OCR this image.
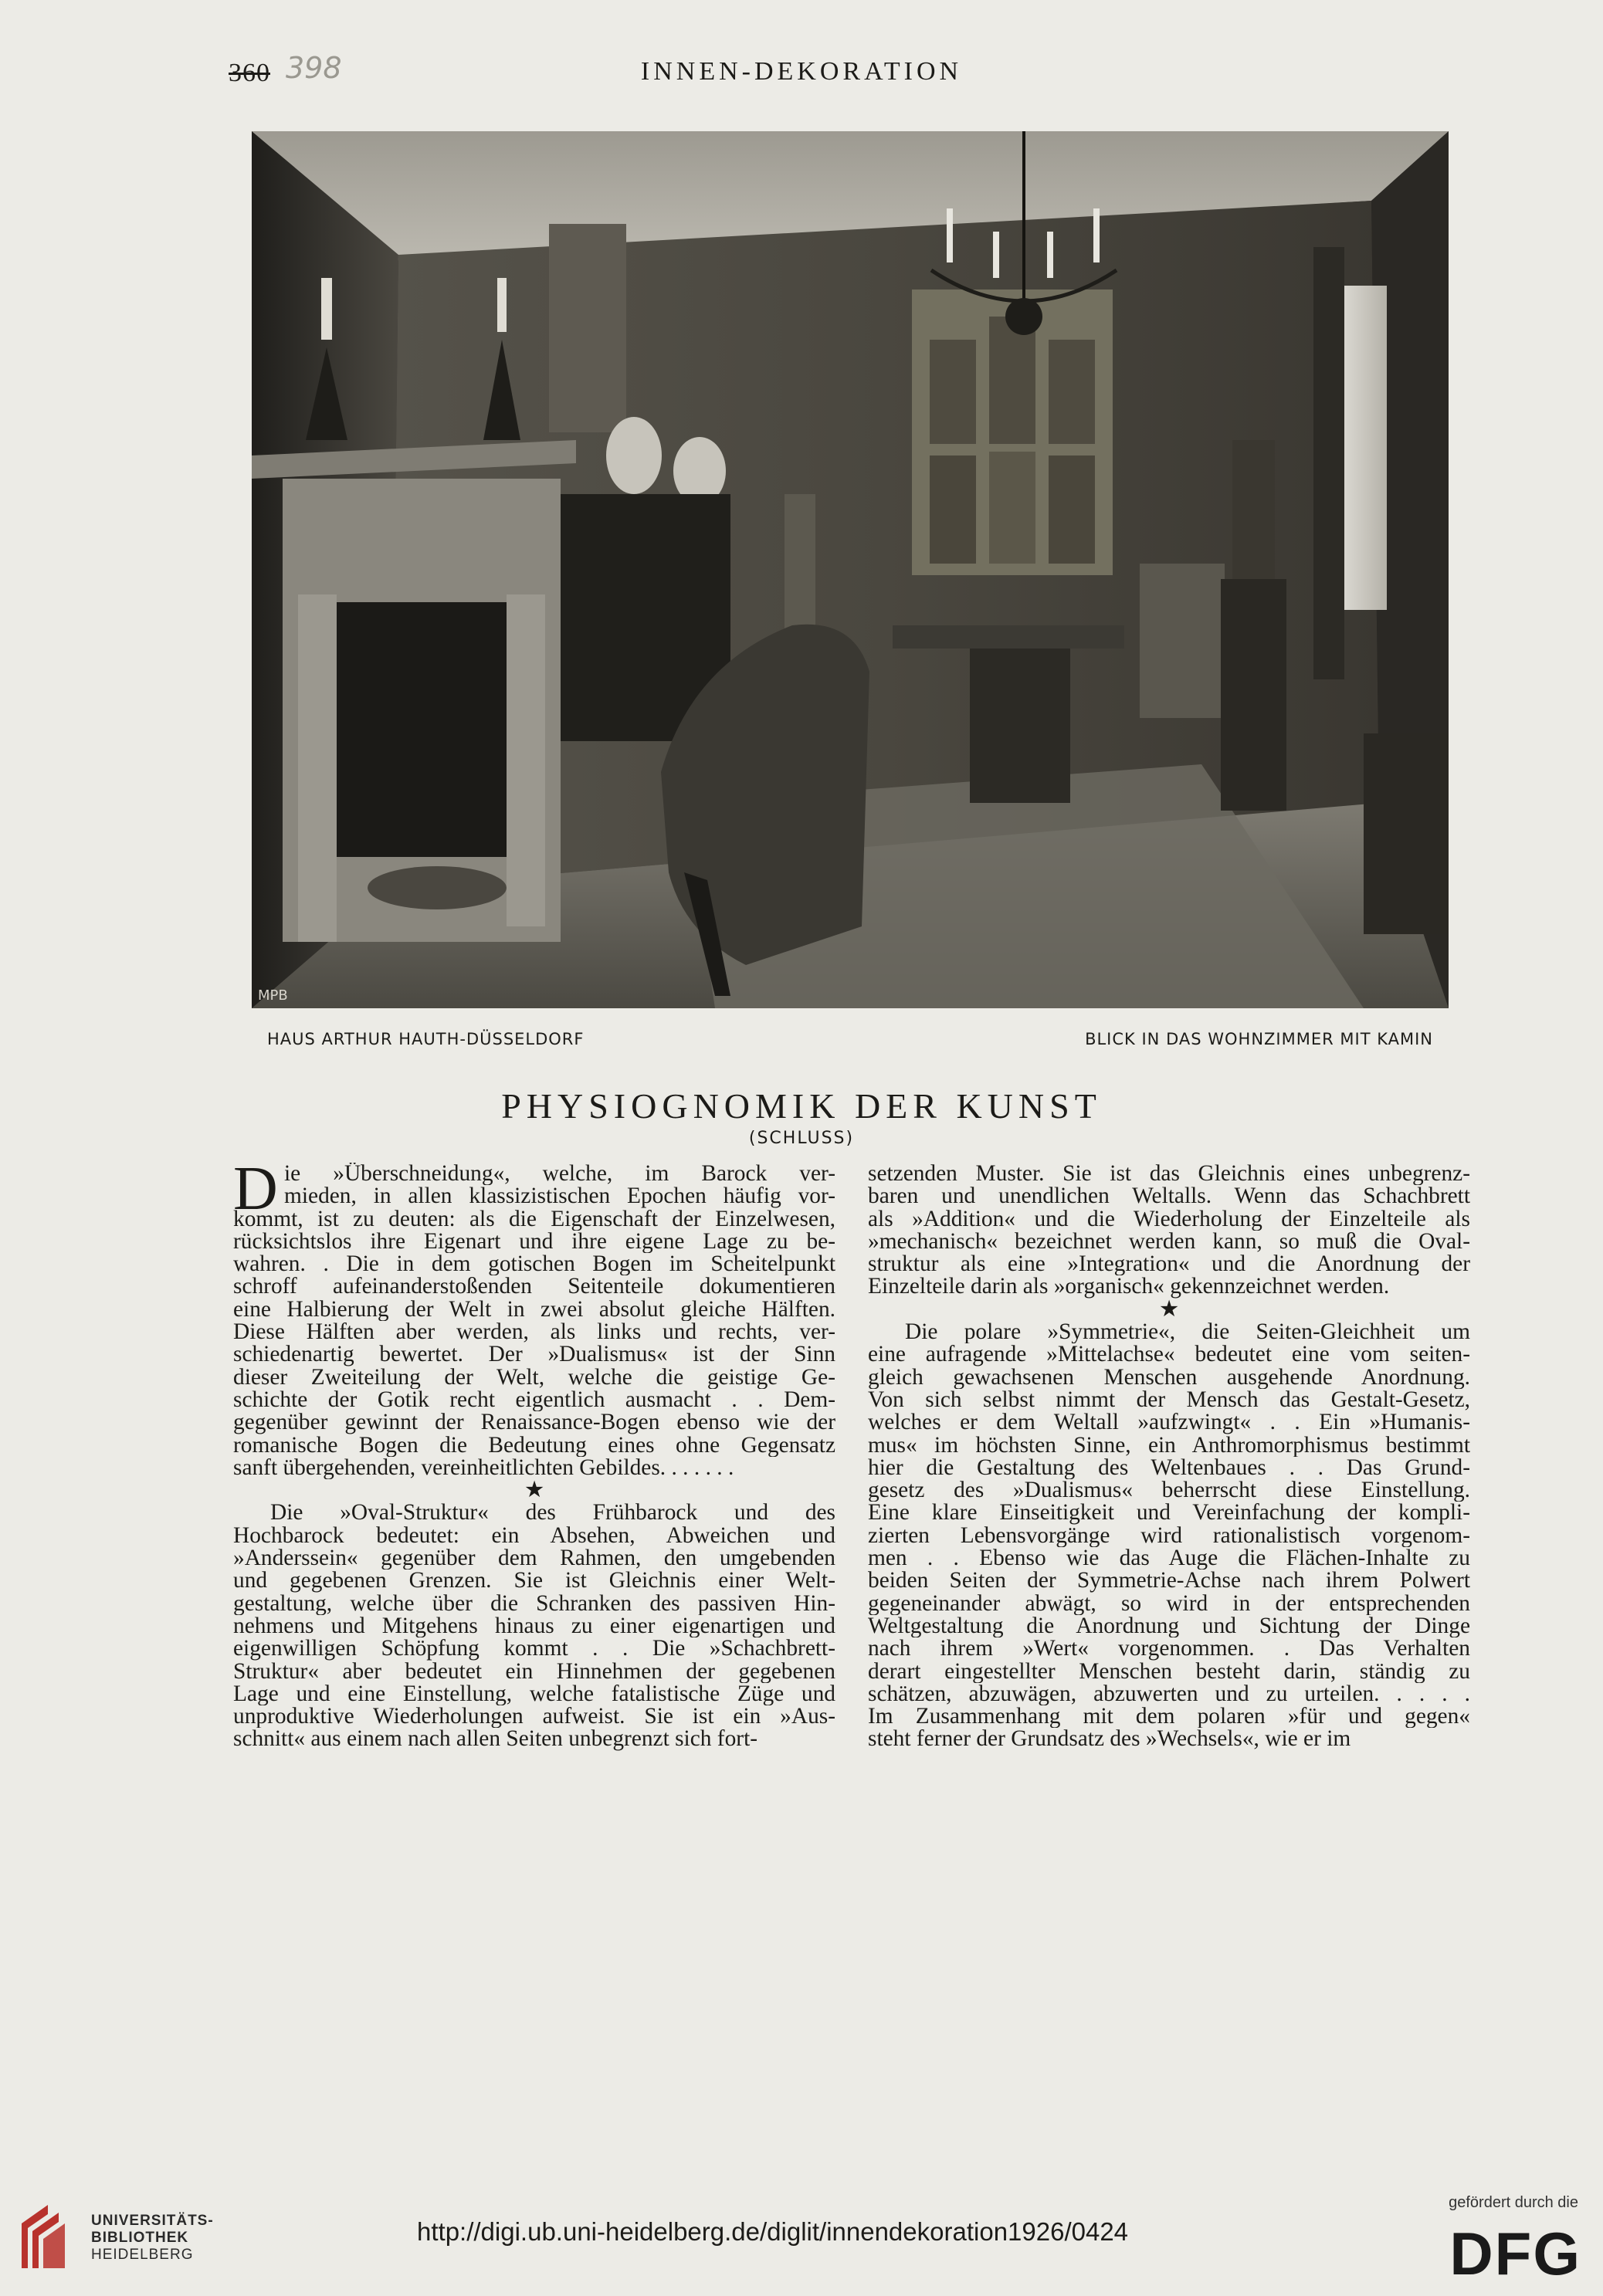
360 398	INNEN-DEKORATION
MPB
HAUS ARTHUR HAUTH-DÜSSELDORF	BLICK IN DAS WOHNZIMMER MIT KAMIN
PHYSIOGNOMIK DER KUNST
(SCHLUSS)
D ie »Überschneidung«, welche, im Barock ver-
mieden, in allen klassizistischen Epochen häufig vor-
kommt, ist zu deuten: als die Eigenschaft der Einzelwesen,
rücksichtslos ihre Eigenart und ihre eigene Lage zu be-
wahren. . Die in dem gotischen Bogen im Scheitelpunkt
schroff aufeinanderstoßenden Seitenteile dokumentieren
eine Halbierung der Welt in zwei absolut gleiche Hälften.
Diese Hälften aber werden, als links und rechts, ver-
schiedenartig bewertet. Der »Dualismus« ist der Sinn
dieser Zweiteilung der Welt, welche die geistige Ge-
schichte der Gotik recht eigentlich ausmacht . . Dem-
gegenüber gewinnt der Renaissance-Bogen ebenso wie der
romanische Bogen die Bedeutung eines ohne Gegensatz
sanft übergehenden, vereinheitlichten Gebildes. . . . . . .
★
Die »Oval-Struktur« des Frühbarock und des
Hochbarock bedeutet: ein Absehen, Abweichen und
»Anderssein« gegenüber dem Rahmen, den umgebenden
und gegebenen Grenzen. Sie ist Gleichnis einer Welt-
gestaltung, welche über die Schranken des passiven Hin-
nehmens und Mitgehens hinaus zu einer eigenartigen und
eigenwilligen Schöpfung kommt . . Die »Schachbrett-
Struktur« aber bedeutet ein Hinnehmen der gegebenen
Lage und eine Einstellung, welche fatalistische Züge und
unproduktive Wiederholungen aufweist. Sie ist ein »Aus-
schnitt« aus einem nach allen Seiten unbegrenzt sich fort-
setzenden Muster. Sie ist das Gleichnis eines unbegrenz-
baren und unendlichen Weltalls. Wenn das Schachbrett
als »Addition« und die Wiederholung der Einzelteile als
»mechanisch« bezeichnet werden kann, so muß die Oval-
struktur als eine »Integration« und die Anordnung der
Einzelteile darin als »organisch« gekennzeichnet werden.
★
Die polare »Symmetrie«, die Seiten-Gleichheit um
eine aufragende »Mittelachse« bedeutet eine vom seiten-
gleich gewachsenen Menschen ausgehende Anordnung.
Von sich selbst nimmt der Mensch das Gestalt-Gesetz,
welches er dem Weltall »aufzwingt« . . Ein »Humanis-
mus« im höchsten Sinne, ein Anthromorphismus bestimmt
hier die Gestaltung des Weltenbaues . . Das Grund-
gesetz des »Dualismus« beherrscht diese Einstellung.
Eine klare Einseitigkeit und Vereinfachung der kompli-
zierten Lebensvorgänge wird rationalistisch vorgenom-
men . . Ebenso wie das Auge die Flächen-Inhalte zu
beiden Seiten der Symmetrie-Achse nach ihrem Polwert
gegeneinander abwägt, so wird in der entsprechenden
Weltgestaltung die Anordnung und Sichtung der Dinge
nach ihrem »Wert« vorgenommen. . Das Verhalten
derart eingestellter Menschen besteht darin, ständig zu
schätzen, abzuwägen, abzuwerten und zu urteilen. . . . .
Im Zusammenhang mit dem polaren »für und gegen«
steht ferner der Grundsatz des »Wechsels«, wie er im
UNIVERSITÄTS-
BIBLIOTHEK
HEIDELBERG
http://digi.ub.uni-heidelberg.de/diglit/innendekoration1926/0424
gefördert durch die
DFG
